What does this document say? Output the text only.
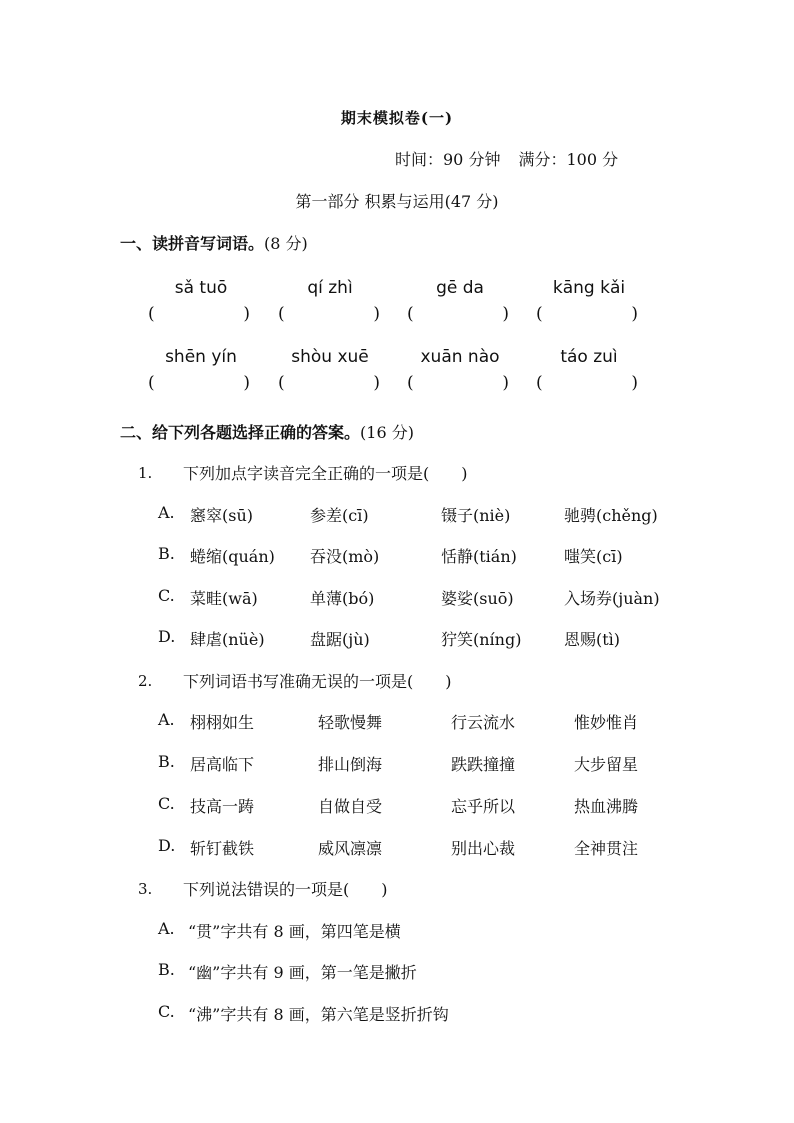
期末模拟卷(一)
时间：90 分钟 满分：100 分
第一部分 积累与运用(47 分)
一、读拼音写词语。(8 分)
sǎ tuō	qí zhì	gē da	kāng kǎi
(	) (	) (	) (	)
shēn yín	shòu xuē	xuān nào	táo zuì
(	) (	) (	) (	)
二、给下列各题选择正确的答案。(16 分)
1. 下列加点字读音完全正确的一项是(　　)
A. 窸窣(sū)	参差(cī)	镊子(niè)	驰骋(chěng)
B. 蜷缩(quán) 吞没(mò)	恬静(tián)	嗤笑(cī)
C. 菜畦(wā)	单薄(bó)	婆娑(suō)	入场券(juàn)
D. 肆虐(nüè)	盘踞(jù)	狞笑(níng)	恩赐(tì)
2. 下列词语书写准确无误的一项是(　　)
A. 栩栩如生	轻歌慢舞	行云流水	惟妙惟肖
B. 居高临下	排山倒海	跌跌撞撞	大步留星
C. 技高一踌	自做自受	忘乎所以	热血沸腾
D. 斩钉截铁	威风凛凛	别出心裁	全神贯注
3. 下列说法错误的一项是(　　)
A. “贯”字共有 8 画，第四笔是横
B. “幽”字共有 9 画，第一笔是撇折
C. “沸”字共有 8 画，第六笔是竖折折钩
